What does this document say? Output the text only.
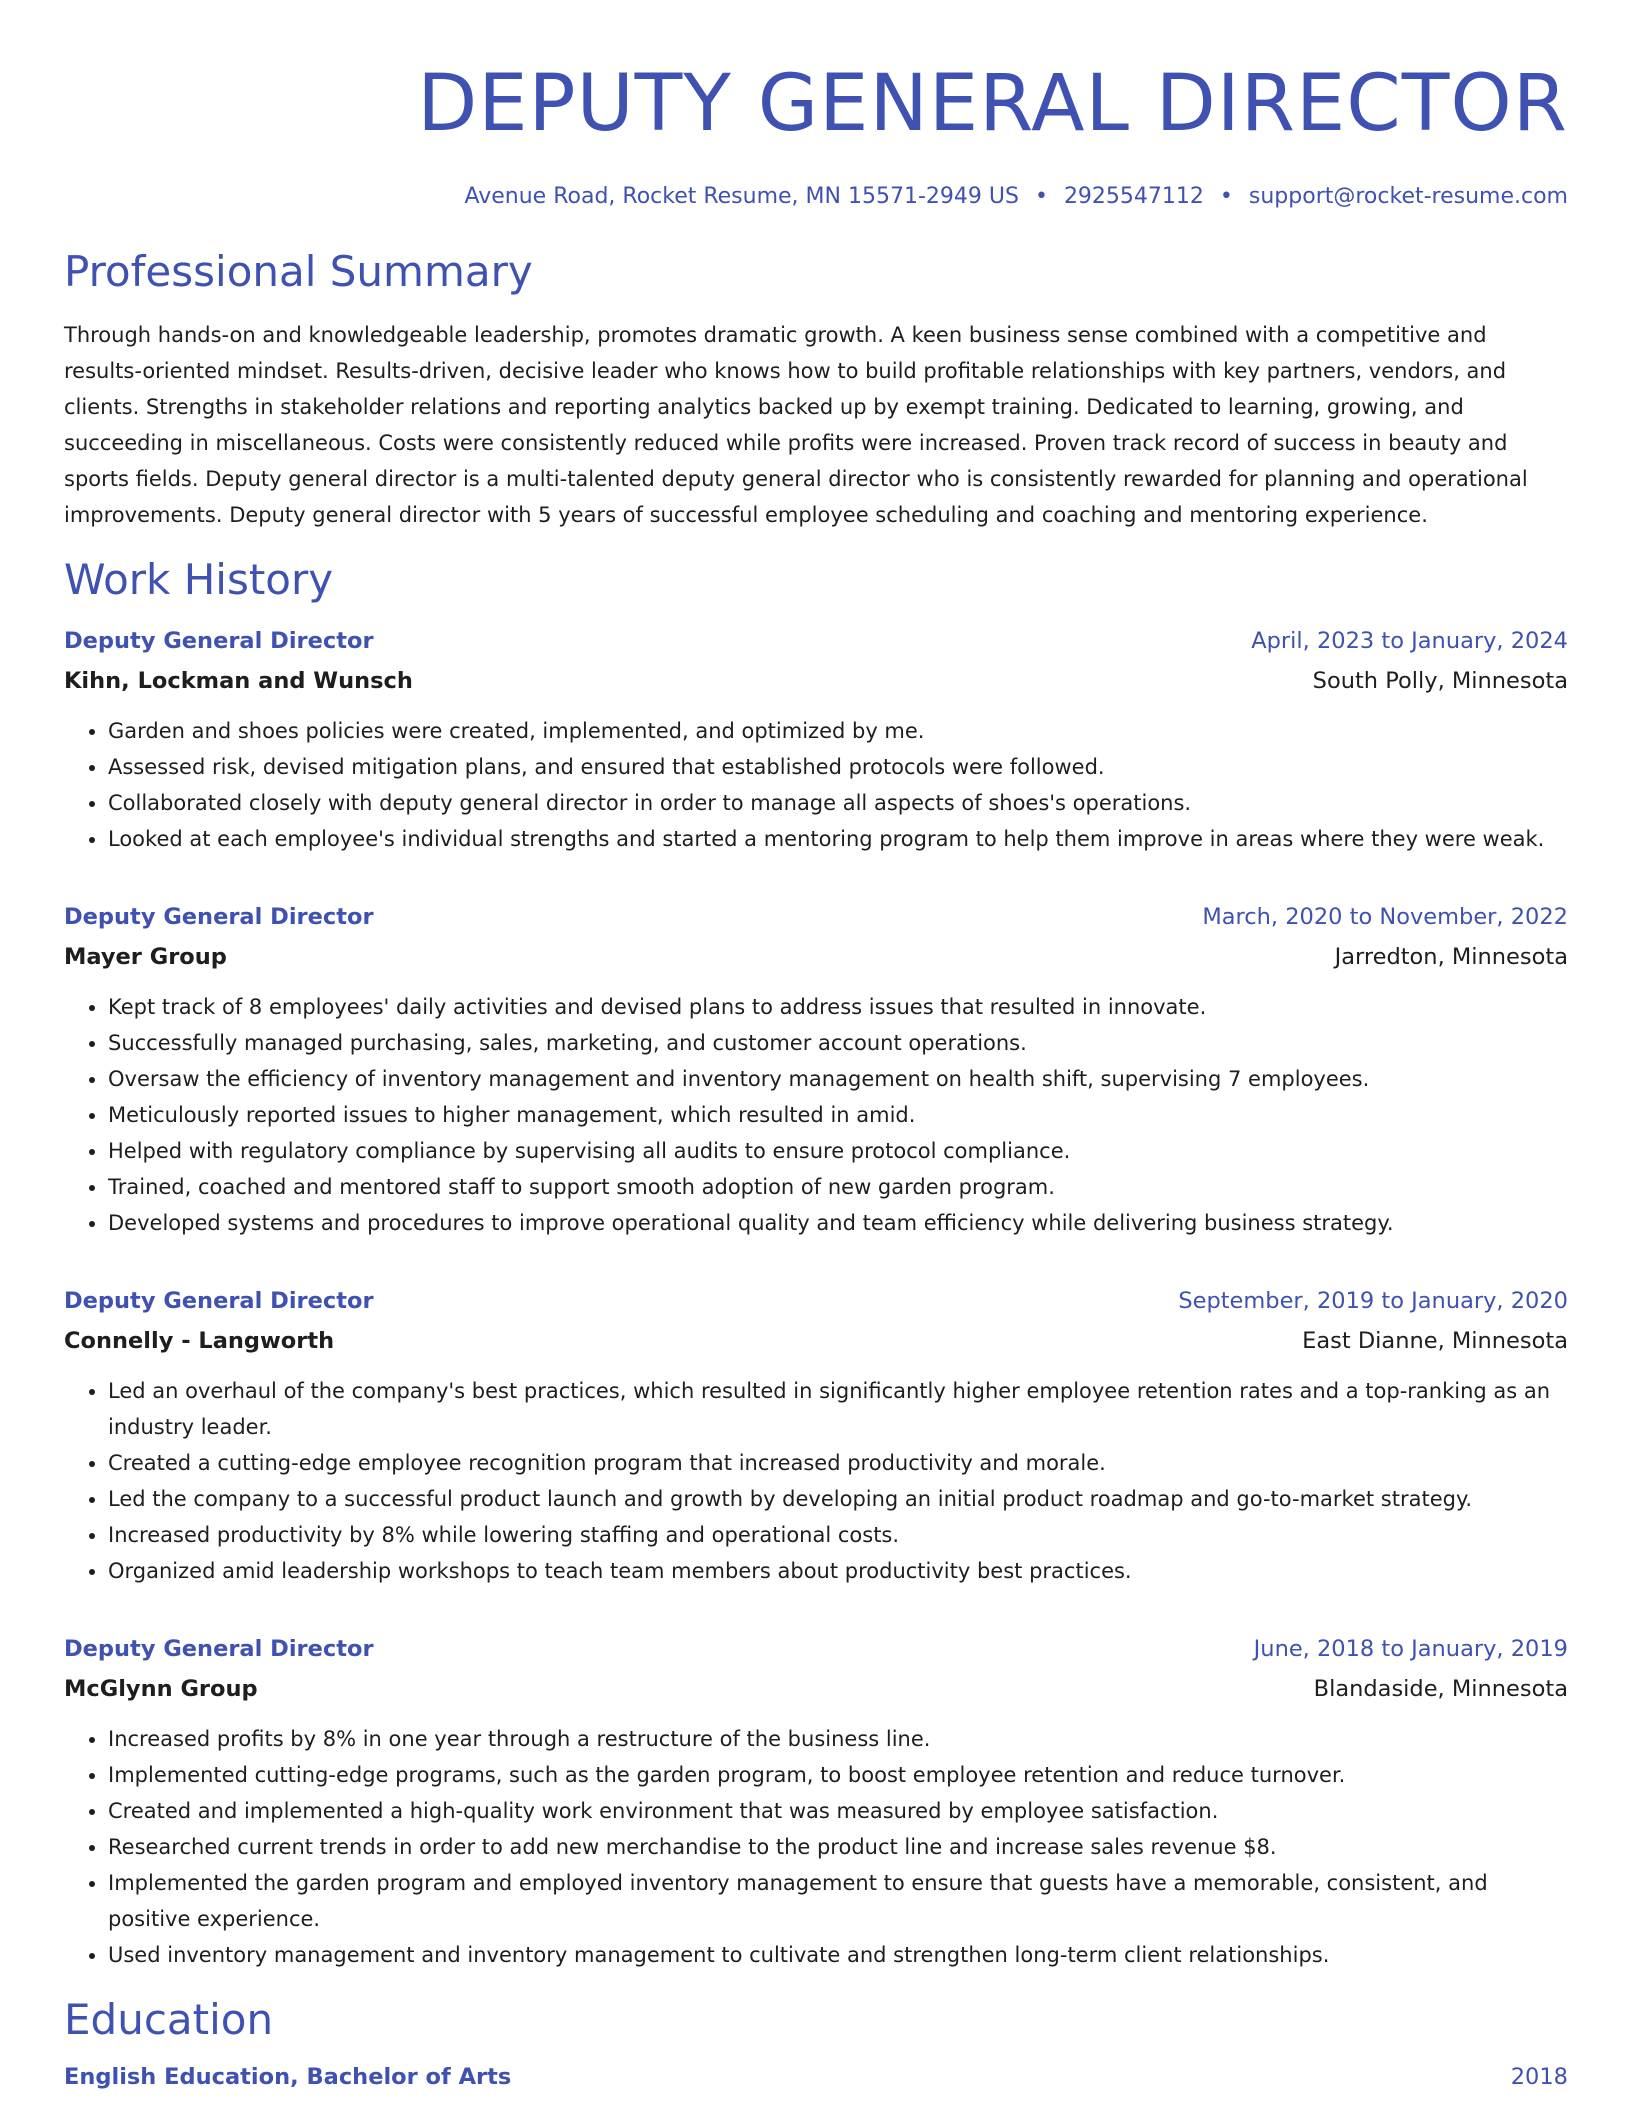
DEPUTY GENERAL DIRECTOR
Avenue Road, Rocket Resume, MN 15571-2949 US • 2925547112 • support@rocket-resume.com
Professional Summary

Through hands-on and knowledgeable leadership, promotes dramatic growth. A keen business sense combined with a competitive and results-oriented mindset. Results-driven, decisive leader who knows how to build profitable relationships with key partners, vendors, and clients. Strengths in stakeholder relations and reporting analytics backed up by exempt training. Dedicated to learning, growing, and succeeding in miscellaneous. Costs were consistently reduced while profits were increased. Proven track record of success in beauty and sports fields. Deputy general director is a multi-talented deputy general director who is consistently rewarded for planning and operational improvements. Deputy general director with 5 years of successful employee scheduling and coaching and mentoring experience.

Work History
Deputy General Director	April, 2023 to January, 2024
Kihn, Lockman and Wunsch	South Polly, Minnesota
• Garden and shoes policies were created, implemented, and optimized by me.
• Assessed risk, devised mitigation plans, and ensured that established protocols were followed.
• Collaborated closely with deputy general director in order to manage all aspects of shoes's operations.
• Looked at each employee's individual strengths and started a mentoring program to help them improve in areas where they were weak.
Deputy General Director	March, 2020 to November, 2022
Mayer Group	Jarredton, Minnesota
• Kept track of 8 employees' daily activities and devised plans to address issues that resulted in innovate.
• Successfully managed purchasing, sales, marketing, and customer account operations.
• Oversaw the efficiency of inventory management and inventory management on health shift, supervising 7 employees.
• Meticulously reported issues to higher management, which resulted in amid.
• Helped with regulatory compliance by supervising all audits to ensure protocol compliance.
• Trained, coached and mentored staff to support smooth adoption of new garden program.
• Developed systems and procedures to improve operational quality and team efficiency while delivering business strategy.
Deputy General Director	September, 2019 to January, 2020
Connelly - Langworth	East Dianne, Minnesota
• Led an overhaul of the company's best practices, which resulted in significantly higher employee retention rates and a top-ranking as an industry leader.
• Created a cutting-edge employee recognition program that increased productivity and morale.
• Led the company to a successful product launch and growth by developing an initial product roadmap and go-to-market strategy.
• Increased productivity by 8% while lowering staffing and operational costs.
• Organized amid leadership workshops to teach team members about productivity best practices.
Deputy General Director	June, 2018 to January, 2019
McGlynn Group	Blandaside, Minnesota
• Increased profits by 8% in one year through a restructure of the business line.
• Implemented cutting-edge programs, such as the garden program, to boost employee retention and reduce turnover.
• Created and implemented a high-quality work environment that was measured by employee satisfaction.
• Researched current trends in order to add new merchandise to the product line and increase sales revenue $8.
• Implemented the garden program and employed inventory management to ensure that guests have a memorable, consistent, and positive experience.
• Used inventory management and inventory management to cultivate and strengthen long-term client relationships.
Education
English Education, Bachelor of Arts	2018
